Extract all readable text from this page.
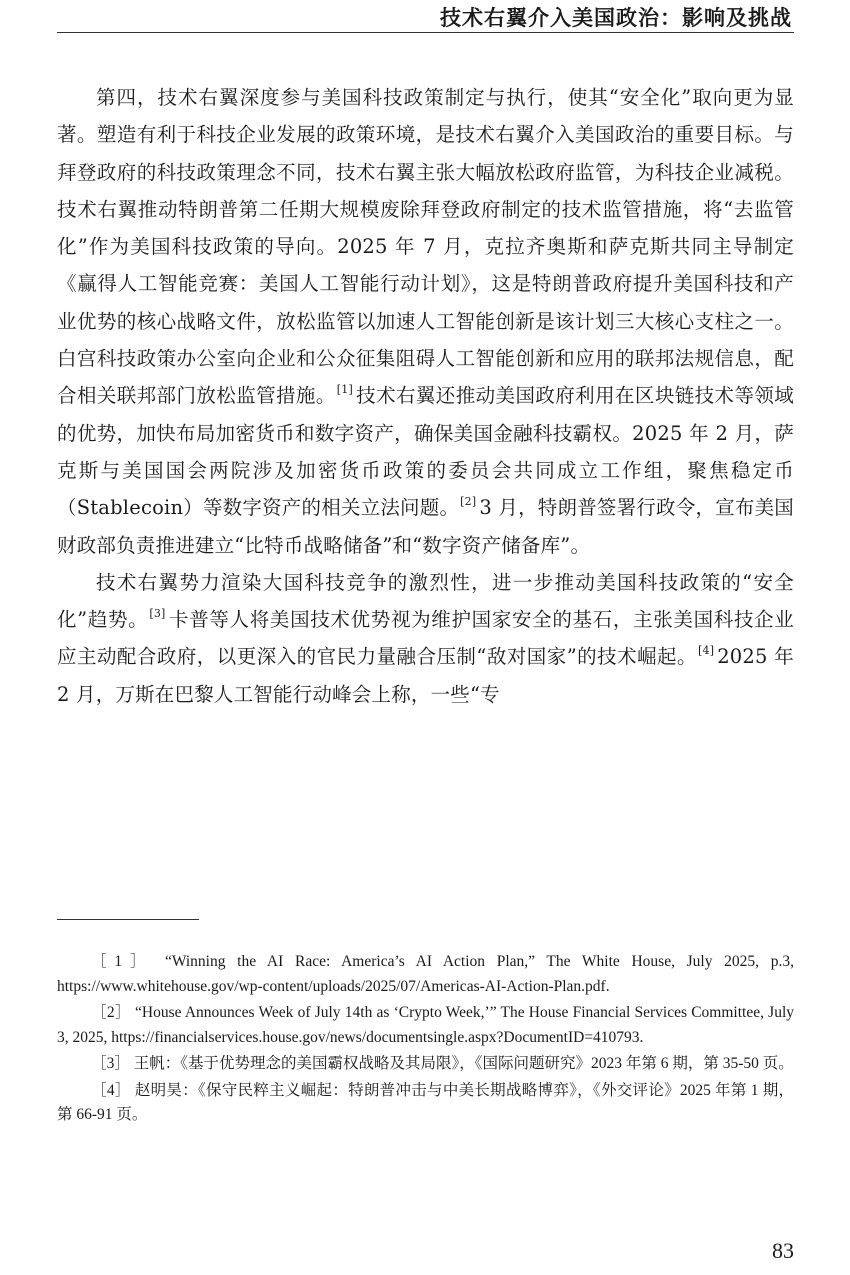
技术右翼介入美国政治：影响及挑战

第四，技术右翼深度参与美国科技政策制定与执行，使其“安全化”取向更为显著。塑造有利于科技企业发展的政策环境，是技术右翼介入美国政治的重要目标。与拜登政府的科技政策理念不同，技术右翼主张大幅放松政府监管，为科技企业减税。技术右翼推动特朗普第二任期大规模废除拜登政府制定的技术监管措施，将“去监管化”作为美国科技政策的导向。2025 年 7 月，克拉齐奥斯和萨克斯共同主导制定《赢得人工智能竞赛：美国人工智能行动计划》，这是特朗普政府提升美国科技和产业优势的核心战略文件，放松监管以加速人工智能创新是该计划三大核心支柱之一。白宫科技政策办公室向企业和公众征集阻碍人工智能创新和应用的联邦法规信息，配合相关联邦部门放松监管措施。[1] 技术右翼还推动美国政府利用在区块链技术等领域的优势，加快布局加密货币和数字资产，确保美国金融科技霸权。2025 年 2 月，萨克斯与美国国会两院涉及加密货币政策的委员会共同成立工作组，聚焦稳定币（Stablecoin）等数字资产的相关立法问题。[2] 3 月，特朗普签署行政令，宣布美国财政部负责推进建立“比特币战略储备”和“数字资产储备库”。

技术右翼势力渲染大国科技竞争的激烈性，进一步推动美国科技政策的“安全化”趋势。[3] 卡普等人将美国技术优势视为维护国家安全的基石，主张美国科技企业应主动配合政府，以更深入的官民力量融合压制“敌对国家”的技术崛起。[4] 2025 年 2 月，万斯在巴黎人工智能行动峰会上称，一些“专

［1］ “Winning the AI Race: America’s AI Action Plan,” The White House, July 2025, p.3, https://www.whitehouse.gov/wp-content/uploads/2025/07/Americas-AI-Action-Plan.pdf.

［2］ “House Announces Week of July 14th as ‘Crypto Week,’” The House Financial Services Committee, July 3, 2025, https://financialservices.house.gov/news/documentsingle.aspx?DocumentID=410793.

［3］ 王帆：《基于优势理念的美国霸权战略及其局限》，《国际问题研究》2023 年第 6 期，第 35-50 页。

［4］ 赵明昊：《保守民粹主义崛起：特朗普冲击与中美长期战略博弈》，《外交评论》2025 年第 1 期，第 66-91 页。

83
